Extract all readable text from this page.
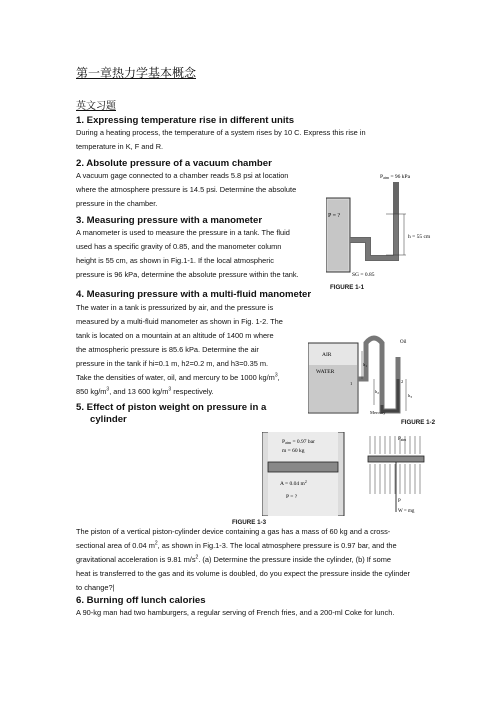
第一章热力学基本概念
英文习题
1. Expressing temperature rise in different units
During a heating process, the temperature of a system rises by 10 C. Express this rise in
temperature in K, F and R.
2. Absolute pressure of a vacuum chamber
A vacuum gage connected to a chamber reads 5.8 psi at location
where the atmosphere pressure is 14.5 psi. Determine the absolute
pressure in the chamber.
3. Measuring pressure with a manometer
A manometer is used to measure the pressure in a tank. The fluid
used has a specific gravity of 0.85, and the manometer column
height is 55 cm, as shown in Fig.1-1. If the local atmospheric
pressure is 96 kPa, determine the absolute pressure within the tank.
4. Measuring pressure with a multi-fluid manometer
The water in a tank is pressurized by air, and the pressure is
measured by a multi-fluid manometer as shown in Fig. 1-2. The
tank is located on a mountain at an altitude of 1400 m where
the atmospheric pressure is 85.6 kPa. Determine the air
pressure in the tank if hi=0.1 m, h2=0.2 m, and h3=0.35 m.
Take the densities of water, oil, and mercury to be 1000 $kg/m^3$,
850 $kg/m^3$, and 13 600 $kg/m^3$ respectively.
5. Effect of piston weight on pressure in a
cylinder
The piston of a vertical piston-cylinder device containing a gas has a mass of 60 kg and a cross-
sectional area of 0.04 $m^2$, as shown in Fig.1-3. The local atmosphere pressure is 0.97 bar, and the
gravitational acceleration is 9.81 $m/s^2$. (a) Determine the pressure inside the cylinder, (b) If some
heat is transferred to the gas and its volume is doubled, do you expect the pressure inside the cylinder
to change?|
6. Burning off lunch calories
A 90-kg man had two hamburgers, a regular serving of French fries, and a 200-ml Coke for lunch.
P = ?
h = 55 cm
Patm = 96 kPa
SG = 0.85
FIGURE 1-1
AIR
WATER
Oil
Mercury
$h_1$
$h_2$	$h_3$
1	2
FIGURE 1-2
Patm = 0.97 bar
m = 60 kg
A = 0.04 $m^2$
P = ?
$P_{atm}$
P
W = mg
FIGURE 1-3
